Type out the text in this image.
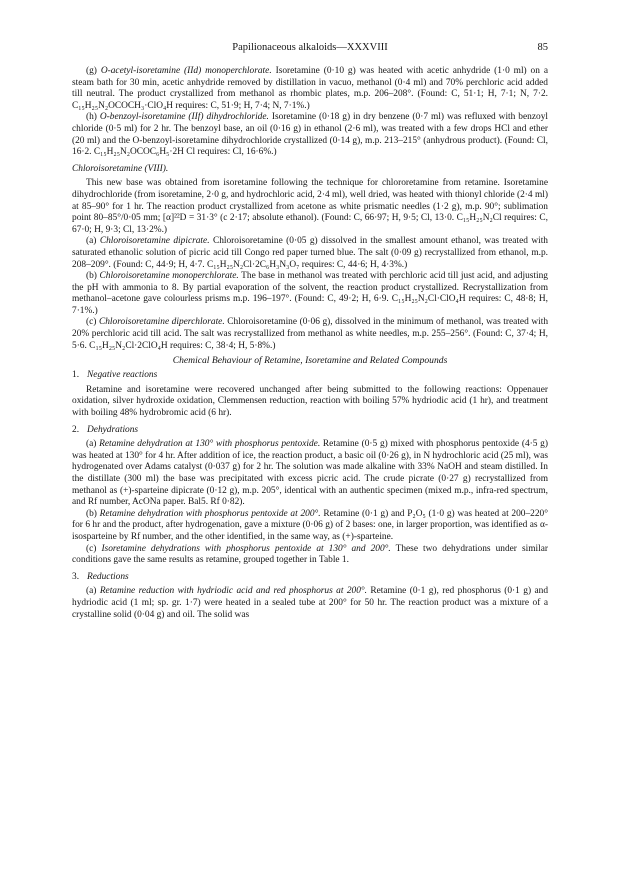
Papilionaceous alkaloids—XXXVIII	85

(g) O-acetyl-isoretamine (IId) monoperchlorate. Isoretamine (0·10 g) was heated with acetic anhydride (1·0 ml) on a steam bath for 30 min, acetic anhydride removed by distillation in vacuo, methanol (0·4 ml) and 70% perchloric acid added till neutral. The product crystallized from methanol as rhombic plates, m.p. 206–208°. (Found: C, 51·1; H, 7·1; N, 7·2. C₁₅H₂₅N₂OCOCH₃·ClO₄H requires: C, 51·9; H, 7·4; N, 7·1%.)

(h) O-benzoyl-isoretamine (IIf) dihydrochloride. Isoretamine (0·18 g) in dry benzene (0·7 ml) was refluxed with benzoyl chloride (0·5 ml) for 2 hr. The benzoyl base, an oil (0·16 g) in ethanol (2·6 ml), was treated with a few drops HCl and ether (20 ml) and the O-benzoyl-isoretamine dihydrochloride crystallized (0·14 g), m.p. 213–215° (anhydrous product). (Found: Cl, 16·2. C₁₅H₂₅N₂OCOC₆H₅·2H Cl requires: Cl, 16·6%.)

Chloroisoretamine (VIII).

This new base was obtained from isoretamine following the technique for chlororetamine from retamine. Isoretamine dihydrochloride (from isoretamine, 2·0 g, and hydrochloric acid, 2·4 ml), well dried, was heated with thionyl chloride (2·4 ml) at 85–90° for 1 hr. The reaction product crystallized from acetone as white prismatic needles (1·2 g), m.p. 90°; sublimation point 80–85°/0·05 mm; [α]²²D = 31·3° (c 2·17; absolute ethanol). (Found: C, 66·97; H, 9·5; Cl, 13·0. C₁₅H₂₅N₂Cl requires: C, 67·0; H, 9·3; Cl, 13·2%.)

(a) Chloroisoretamine dipicrate. Chloroisoretamine (0·05 g) dissolved in the smallest amount ethanol, was treated with saturated ethanolic solution of picric acid till Congo red paper turned blue. The salt (0·09 g) recrystallized from ethanol, m.p. 208–209°. (Found: C, 44·9; H, 4·7. C₁₅H₂₅N₂Cl·2C₆H₃N₃O₇ requires: C, 44·6; H, 4·3%.)

(b) Chloroisoretamine monoperchlorate. The base in methanol was treated with perchloric acid till just acid, and adjusting the pH with ammonia to 8. By partial evaporation of the solvent, the reaction product crystallized. Recrystallization from methanol–acetone gave colourless prisms m.p. 196–197°. (Found: C, 49·2; H, 6·9. C₁₅H₂₅N₂Cl·ClO₄H requires: C, 48·8; H, 7·1%.)

(c) Chloroisoretamine diperchlorate. Chloroisoretamine (0·06 g), dissolved in the minimum of methanol, was treated with 20% perchloric acid till acid. The salt was recrystallized from methanol as white needles, m.p. 255–256°. (Found: C, 37·4; H, 5·6. C₁₅H₂₅N₂Cl·2ClO₄H requires: C, 38·4; H, 5·8%.)

Chemical Behaviour of Retamine, Isoretamine and Related Compounds

1. Negative reactions

Retamine and isoretamine were recovered unchanged after being submitted to the following reactions: Oppenauer oxidation, silver hydroxide oxidation, Clemmensen reduction, reaction with boiling 57% hydriodic acid (1 hr), and treatment with boiling 48% hydrobromic acid (6 hr).

2. Dehydrations

(a) Retamine dehydration at 130° with phosphorus pentoxide. Retamine (0·5 g) mixed with phosphorus pentoxide (4·5 g) was heated at 130° for 4 hr. After addition of ice, the reaction product, a basic oil (0·26 g), in N hydrochloric acid (25 ml), was hydrogenated over Adams catalyst (0·037 g) for 2 hr. The solution was made alkaline with 33% NaOH and steam distilled. In the distillate (300 ml) the base was precipitated with excess picric acid. The crude picrate (0·27 g) recrystallized from methanol as (+)-sparteine dipicrate (0·12 g), m.p. 205°, identical with an authentic specimen (mixed m.p., infra-red spectrum, and Rf number, AcONa paper. Bal5. Rf 0·82).

(b) Retamine dehydration with phosphorus pentoxide at 200°. Retamine (0·1 g) and P₂O₅ (1·0 g) was heated at 200–220° for 6 hr and the product, after hydrogenation, gave a mixture (0·06 g) of 2 bases: one, in larger proportion, was identified as α-isosparteine by Rf number, and the other identified, in the same way, as (+)-sparteine.

(c) Isoretamine dehydrations with phosphorus pentoxide at 130° and 200°. These two dehydrations under similar conditions gave the same results as retamine, grouped together in Table 1.

3. Reductions

(a) Retamine reduction with hydriodic acid and red phosphorus at 200°. Retamine (0·1 g), red phosphorus (0·1 g) and hydriodic acid (1 ml; sp. gr. 1·7) were heated in a sealed tube at 200° for 50 hr. The reaction product was a mixture of a crystalline solid (0·04 g) and oil. The solid was
